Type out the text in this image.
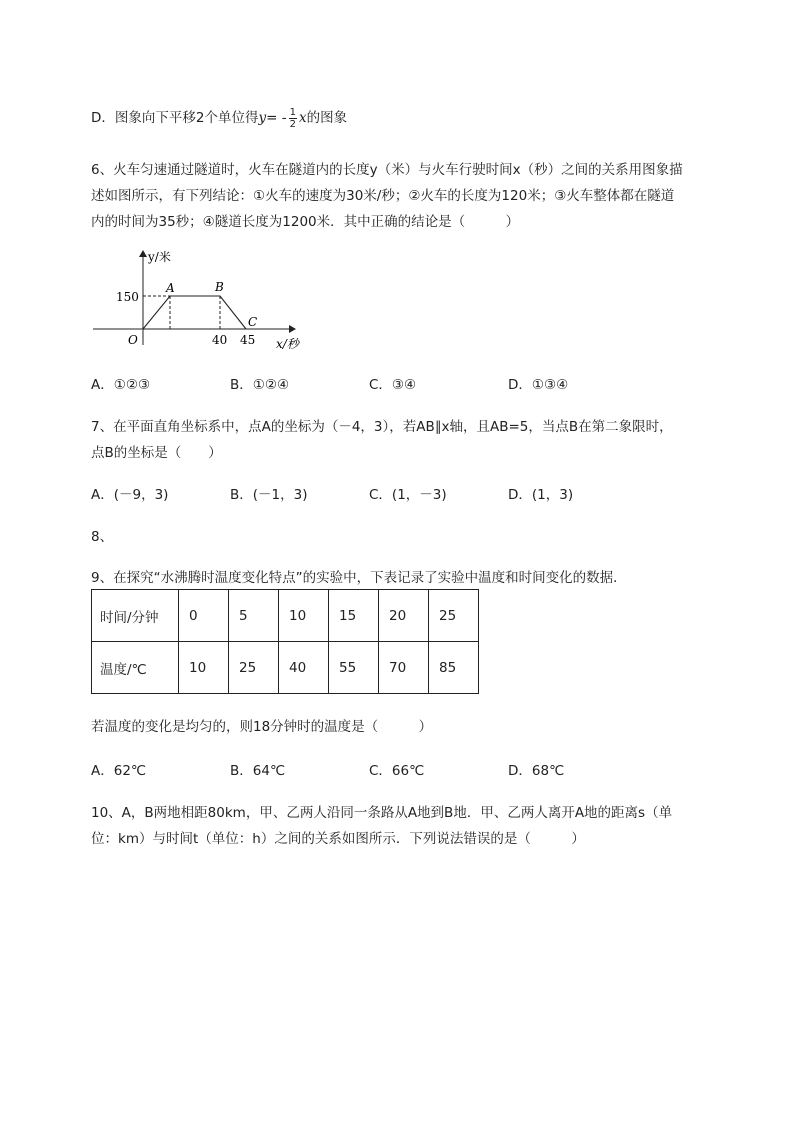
D．图象向下平移2个单位得$y= - \frac{1}{2}$ x的图象
6、火车匀速通过隧道时，火车在隧道内的长度y（米）与火车行驶时间x（秒）之间的关系用图象描
述如图所示，有下列结论：①火车的速度为30米/秒；②火车的长度为120米；③火车整体都在隧道
内的时间为35秒；④隧道长度为1200米．其中正确的结论是（　　　）
y/米
x/秒
O
150
40 45
A	B
C
A．①②③	B．①②④	C．③④	D．①③④
7、在平面直角坐标系中，点A的坐标为（－4，3），若AB∥x轴，且AB=5，当点B在第二象限时，
点B的坐标是（　　）
A．(－9，3)	B．(－1，3)	C．(1，－3)	D．(1，3)
8、
9、在探究“水沸腾时温度变化特点”的实验中，下表记录了实验中温度和时间变化的数据．
时间/分钟	0	5	10	15	20	25
温度/℃	10	25	40	55	70	85
若温度的变化是均匀的，则18分钟时的温度是（　　　）
A．62℃	B．64℃	C．66℃	D．68℃
10、A，B两地相距80km，甲、乙两人沿同一条路从A地到B地．甲、乙两人离开A地的距离s（单
位：km）与时间t（单位：h）之间的关系如图所示．下列说法错误的是（　　　）
